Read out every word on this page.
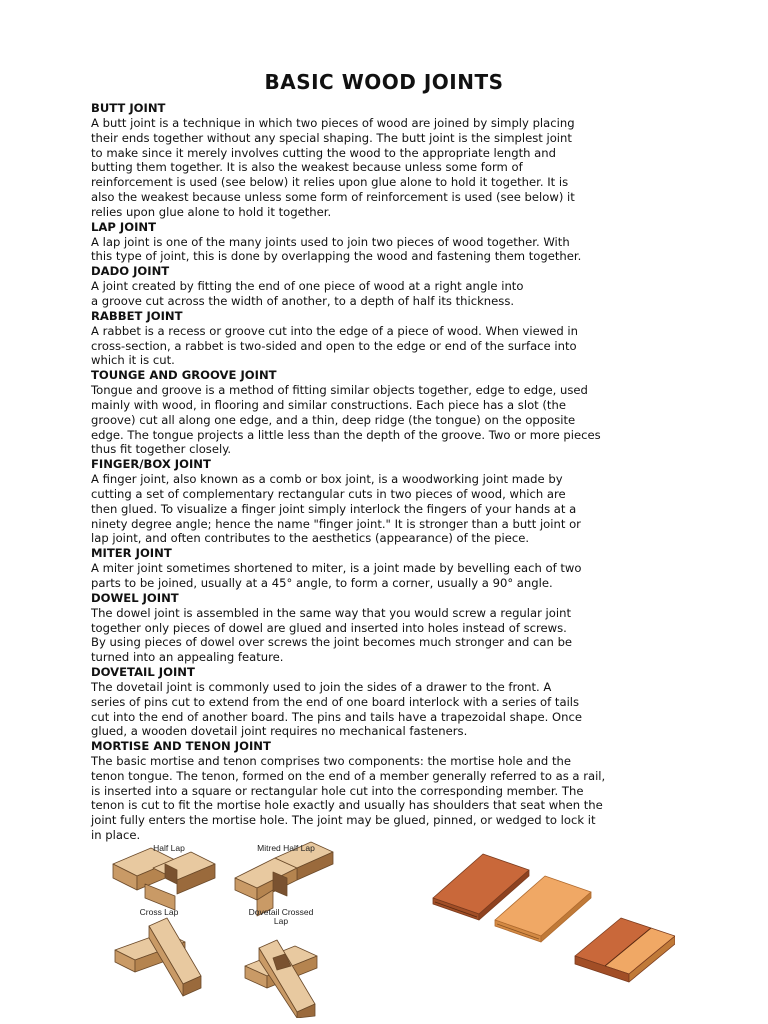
BASIC WOOD JOINTS
BUTT JOINT

A butt joint is a technique in which two pieces of wood are joined by simply placing
their ends together without any special shaping. The butt joint is the simplest joint
to make since it merely involves cutting the wood to the appropriate length and
butting them together. It is also the weakest because unless some form of
reinforcement is used (see below) it relies upon glue alone to hold it together. It is
also the weakest because unless some form of reinforcement is used (see below) it
relies upon glue alone to hold it together.

LAP JOINT

A lap joint is one of the many joints used to join two pieces of wood together. With
this type of joint, this is done by overlapping the wood and fastening them together.

DADO JOINT

A joint created by fitting the end of one piece of wood at a right angle into
a groove cut across the width of another, to a depth of half its thickness.

RABBET JOINT

A rabbet is a recess or groove cut into the edge of a piece of wood. When viewed in
cross-section, a rabbet is two-sided and open to the edge or end of the surface into
which it is cut.

TOUNGE AND GROOVE JOINT

Tongue and groove is a method of fitting similar objects together, edge to edge, used
mainly with wood, in flooring and similar constructions. Each piece has a slot (the
groove) cut all along one edge, and a thin, deep ridge (the tongue) on the opposite
edge. The tongue projects a little less than the depth of the groove. Two or more pieces
thus fit together closely.

FINGER/BOX JOINT

A finger joint, also known as a comb or box joint, is a woodworking joint made by
cutting a set of complementary rectangular cuts in two pieces of wood, which are
then glued. To visualize a finger joint simply interlock the fingers of your hands at a
ninety degree angle; hence the name "finger joint." It is stronger than a butt joint or
lap joint, and often contributes to the aesthetics (appearance) of the piece.

MITER JOINT

A miter joint sometimes shortened to miter, is a joint made by bevelling each of two
parts to be joined, usually at a 45° angle, to form a corner, usually a 90° angle.

DOWEL JOINT

The dowel joint is assembled in the same way that you would screw a regular joint
together only pieces of dowel are glued and inserted into holes instead of screws.
By using pieces of dowel over screws the joint becomes much stronger and can be
turned into an appealing feature.

DOVETAIL JOINT

The dovetail joint is commonly used to join the sides of a drawer to the front. A
series of pins cut to extend from the end of one board interlock with a series of tails
cut into the end of another board. The pins and tails have a trapezoidal shape. Once
glued, a wooden dovetail joint requires no mechanical fasteners.

MORTISE AND TENON JOINT

The basic mortise and tenon comprises two components: the mortise hole and the
tenon tongue. The tenon, formed on the end of a member generally referred to as a rail,
is inserted into a square or rectangular hole cut into the corresponding member. The
tenon is cut to fit the mortise hole exactly and usually has shoulders that seat when the
joint fully enters the mortise hole. The joint may be glued, pinned, or wedged to lock it
in place.

Half Lap	Mitred Half Lap
Cross Lap	Dovetail Crossed
Lap
